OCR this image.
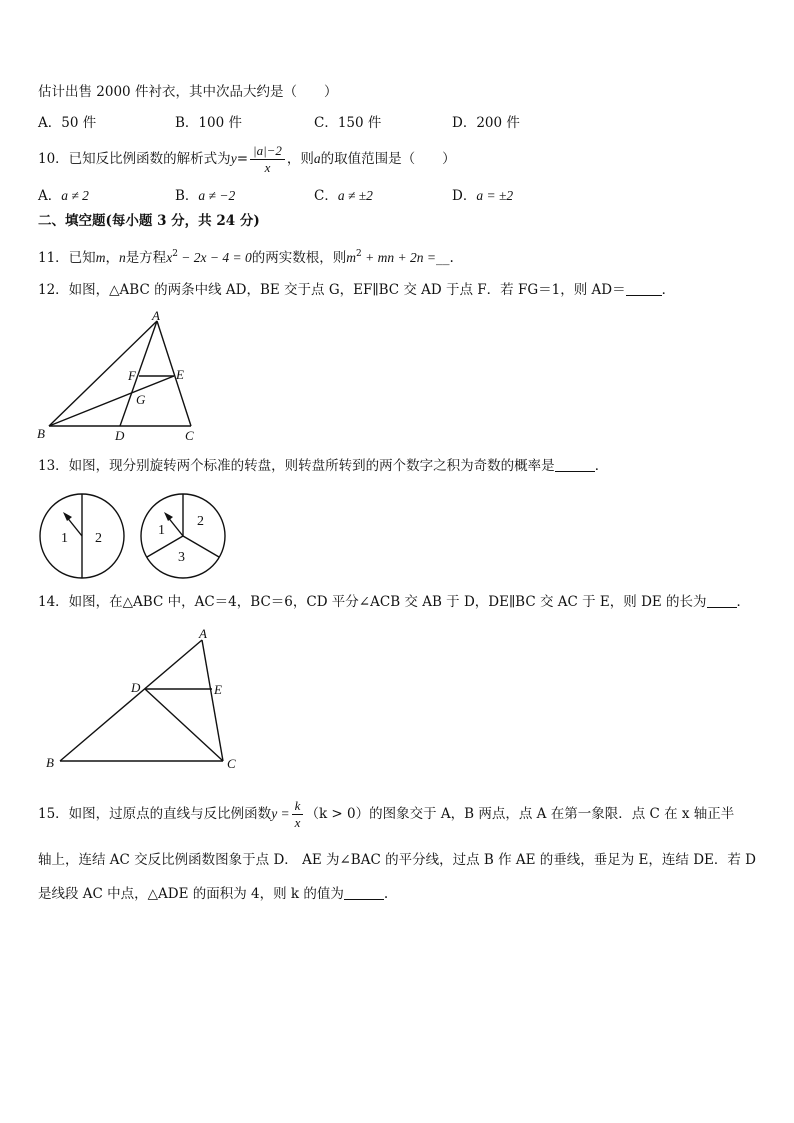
估计出售 2000 件衬衣，其中次品大约是（　　）
A．50 件	B．100 件	C．150 件	D．200 件
10．已知反比例函数的解析式为$y= \frac{|a|-2}{x}$ ，则a的取值范围是（　　）
A．a ≠ 2	B．a ≠ −2	C．a ≠ ±2	D．a = ±2
二、填空题(每小题 3 分，共 24 分)
11．已知m，n是方程$x^2 - 2x - 4 = 0$的两实数根，则$m^2$ + mn + 2n =__.
12．如图，△ABC 的两条中线 AD，BE 交于点 G，EF∥BC 交 AD 于点 F．若 FG＝1，则 AD＝	．
A
B	C
D
E
F
G
13．如图，现分别旋转两个标准的转盘，则转盘所转到的两个数字之积为奇数的概率是	．
1 2
1
2
3
14．如图，在△ABC 中，AC＝4，BC＝6，CD 平分∠ACB 交 AB 于 D，DE∥BC 交 AC 于 E，则 DE 的长为 ．
A
B	C
D	E
15．如图，过原点的直线与反比例函数$y = \frac{k}{x} (k > 0)$的图象交于 A，B 两点，点 A 在第一象限．点 C 在 x 轴正半
轴上，连结 AC 交反比例函数图象于点 D． AE 为∠BAC 的平分线，过点 B 作 AE 的垂线，垂足为 E，连结 DE．若 D
是线段 AC 中点，△ADE 的面积为 4，则 k 的值为	.
